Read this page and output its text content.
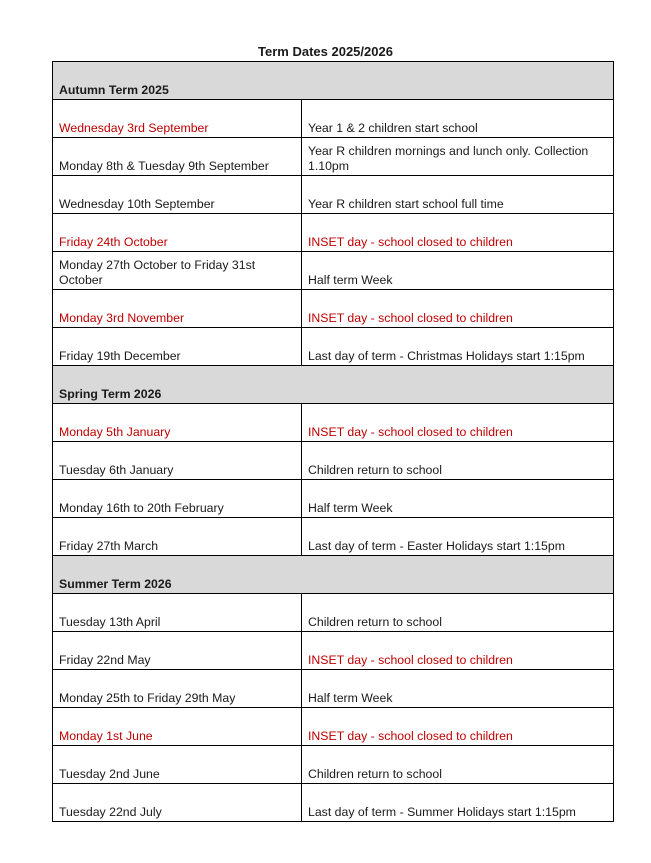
Term Dates 2025/2026
Autumn Term 2025	
Wednesday 3rd September	Year 1 & 2 children start school
Monday 8th & Tuesday 9th September	Year R children mornings and lunch only. Collection 1.10pm
Wednesday 10th September	Year R children start school full time
Friday 24th October	INSET day - school closed to children
Monday 27th October to Friday 31st October	Half term Week
Monday 3rd November	INSET day - school closed to children
Friday 19th December	Last day of term - Christmas Holidays start 1:15pm
Spring Term 2026	
Monday 5th January	INSET day - school closed to children
Tuesday 6th January	Children return to school
Monday 16th to 20th February	Half term Week
Friday 27th March	Last day of term - Easter Holidays start 1:15pm
Summer Term 2026	
Tuesday 13th April	Children return to school
Friday 22nd May	INSET day - school closed to children
Monday 25th to Friday 29th May	Half term Week
Monday 1st June	INSET day - school closed to children
Tuesday 2nd June	Children return to school
Tuesday 22nd July	Last day of term - Summer Holidays start 1:15pm
